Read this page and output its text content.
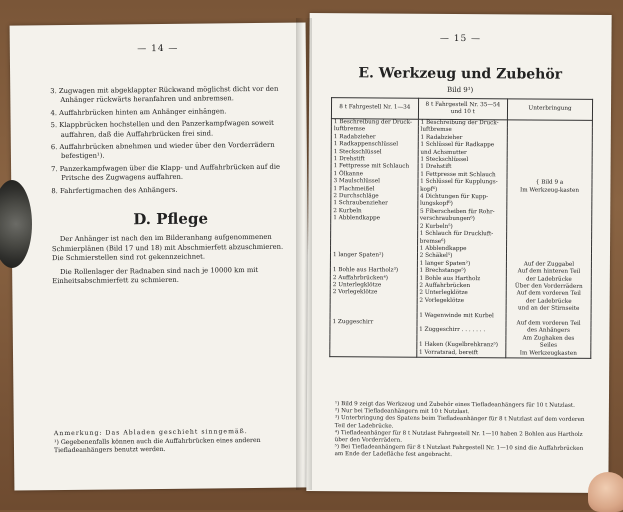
— 14 —
3. Zugwagen mit abgeklappter Rückwand möglichst dicht vor den Anhänger rückwärts heranfahren und anbremsen.
4. Auffahrbrücken hinten am Anhänger einhängen.
5. Klappbrücken hochstellen und den Panzerkampfwagen soweit auffahren, daß die Auffahrbrücken frei sind.
6. Auffahrbrücken abnehmen und wieder über den Vorderrädern befestigen¹).
7. Panzerkampfwagen über die Klapp- und Auffahrbrücken auf die Pritsche des Zugwagens auffahren.
8. Fahrfertigmachen des Anhängers.
D. Pflege

Der Anhänger ist nach den im Bilderanhang aufgenommenen Schmierplänen (Bild 17 und 18) mit Abschmierfett abzuschmieren. Die Schmierstellen sind rot gekennzeichnet.

Die Rollenlager der Radnaben sind nach je 10000 km mit Einheitsabschmierfett zu schmieren.

Anmerkung: Das Abladen geschieht sinngemäß.
¹) Gegebenenfalls können auch die Auffahrbrücken eines anderen Tiefladeanhängers benutzt werden.
— 15 —
E. Werkzeug und Zubehör
Bild 9¹)
8 t Fahrgestell Nr. 1—34	8 t Fahrgestell Nr. 35—54 und 10 t	Unterbringung
1 Beschreibung der Druck-	1 Beschreibung der Druck-	
luftbremse	luftbremse	
1 Radabzieher	1 Radabzieher	
1 Radkappenschlüssel	1 Schlüssel für Radkappe	
1 Steckschlüssel	und Achsmutter	
1 Drehstift	1 Steckschlüssel	
1 Fettpresse mit Schlauch	1 Drehstift	
1 Ölkanne	1 Fettpresse mit Schlauch	
3 Maulschlüssel	1 Schlüssel für Kupplungs-	{ Bild 9 a
1 Flachmeißel	kopf⁶)	Im Werkzeug-kasten
2 Durchschläge	4 Dichtungen für Kupp-	
1 Schraubenzieher	lungskopf⁶)	
2 Kurbeln	5 Fiberscheiben für Rohr-	
1 Abblendkappe	verschraubungen⁶)	
	2 Kurbeln⁵)	
	1 Schlauch für Druckluft-	
	bremse⁶)	
	1 Abblendkappe	
1 langer Spaten²)	2 Schäkel⁵)	
	1 langer Spaten²)	Auf der Zuggabel
1 Bohle aus Hartholz³)	1 Brechstange⁵)	Auf dem hinteren Teil
2 Auffahrbrücken⁴)	1 Bohle aus Hartholz	der Ladebrücke
2 Unterlegklötze	2 Auffahrbrücken	Über den Vorderrädern
2 Vorlegeklötze	2 Unterlegklötze	Auf dem vorderen Teil
	2 Vorlegeklötze	der Ladebrücke
		und an der Stirnseite
	1 Wagenwinde mit Kurbel	
1 Zuggeschirr		Auf dem vorderen Teil
	1 Zuggeschirr . . . . . . .	des Anhängers
		Am Zughaken des
	1 Haken (Kugelbrehkranz⁵)	Seiles
	1 Vorratsrad, bereift	Im Werkzeugkasten

¹) Bild 9 zeigt das Werkzeug und Zubehör eines Tiefladeanhängers für 10 t Nutzlast.

²) Nur bei Tiefladeanhängern mit 10 t Nutzlast.

³) Unterbringung des Spatens beim Tiefladeanhänger für 8 t Nutzlast auf dem vorderen Teil der Ladebrücke.

⁴) Tiefladeanhänger für 8 t Nutzlast Fahrgestell Nr. 1—10 haben 2 Bohlen aus Hartholz über den Vorderrädern.

⁵) Bei Tiefladeanhängern für 8 t Nutzlast Fahrgestell Nr. 1—10 sind die Auffahrbrücken am Ende der Ladefläche fest angebracht.
